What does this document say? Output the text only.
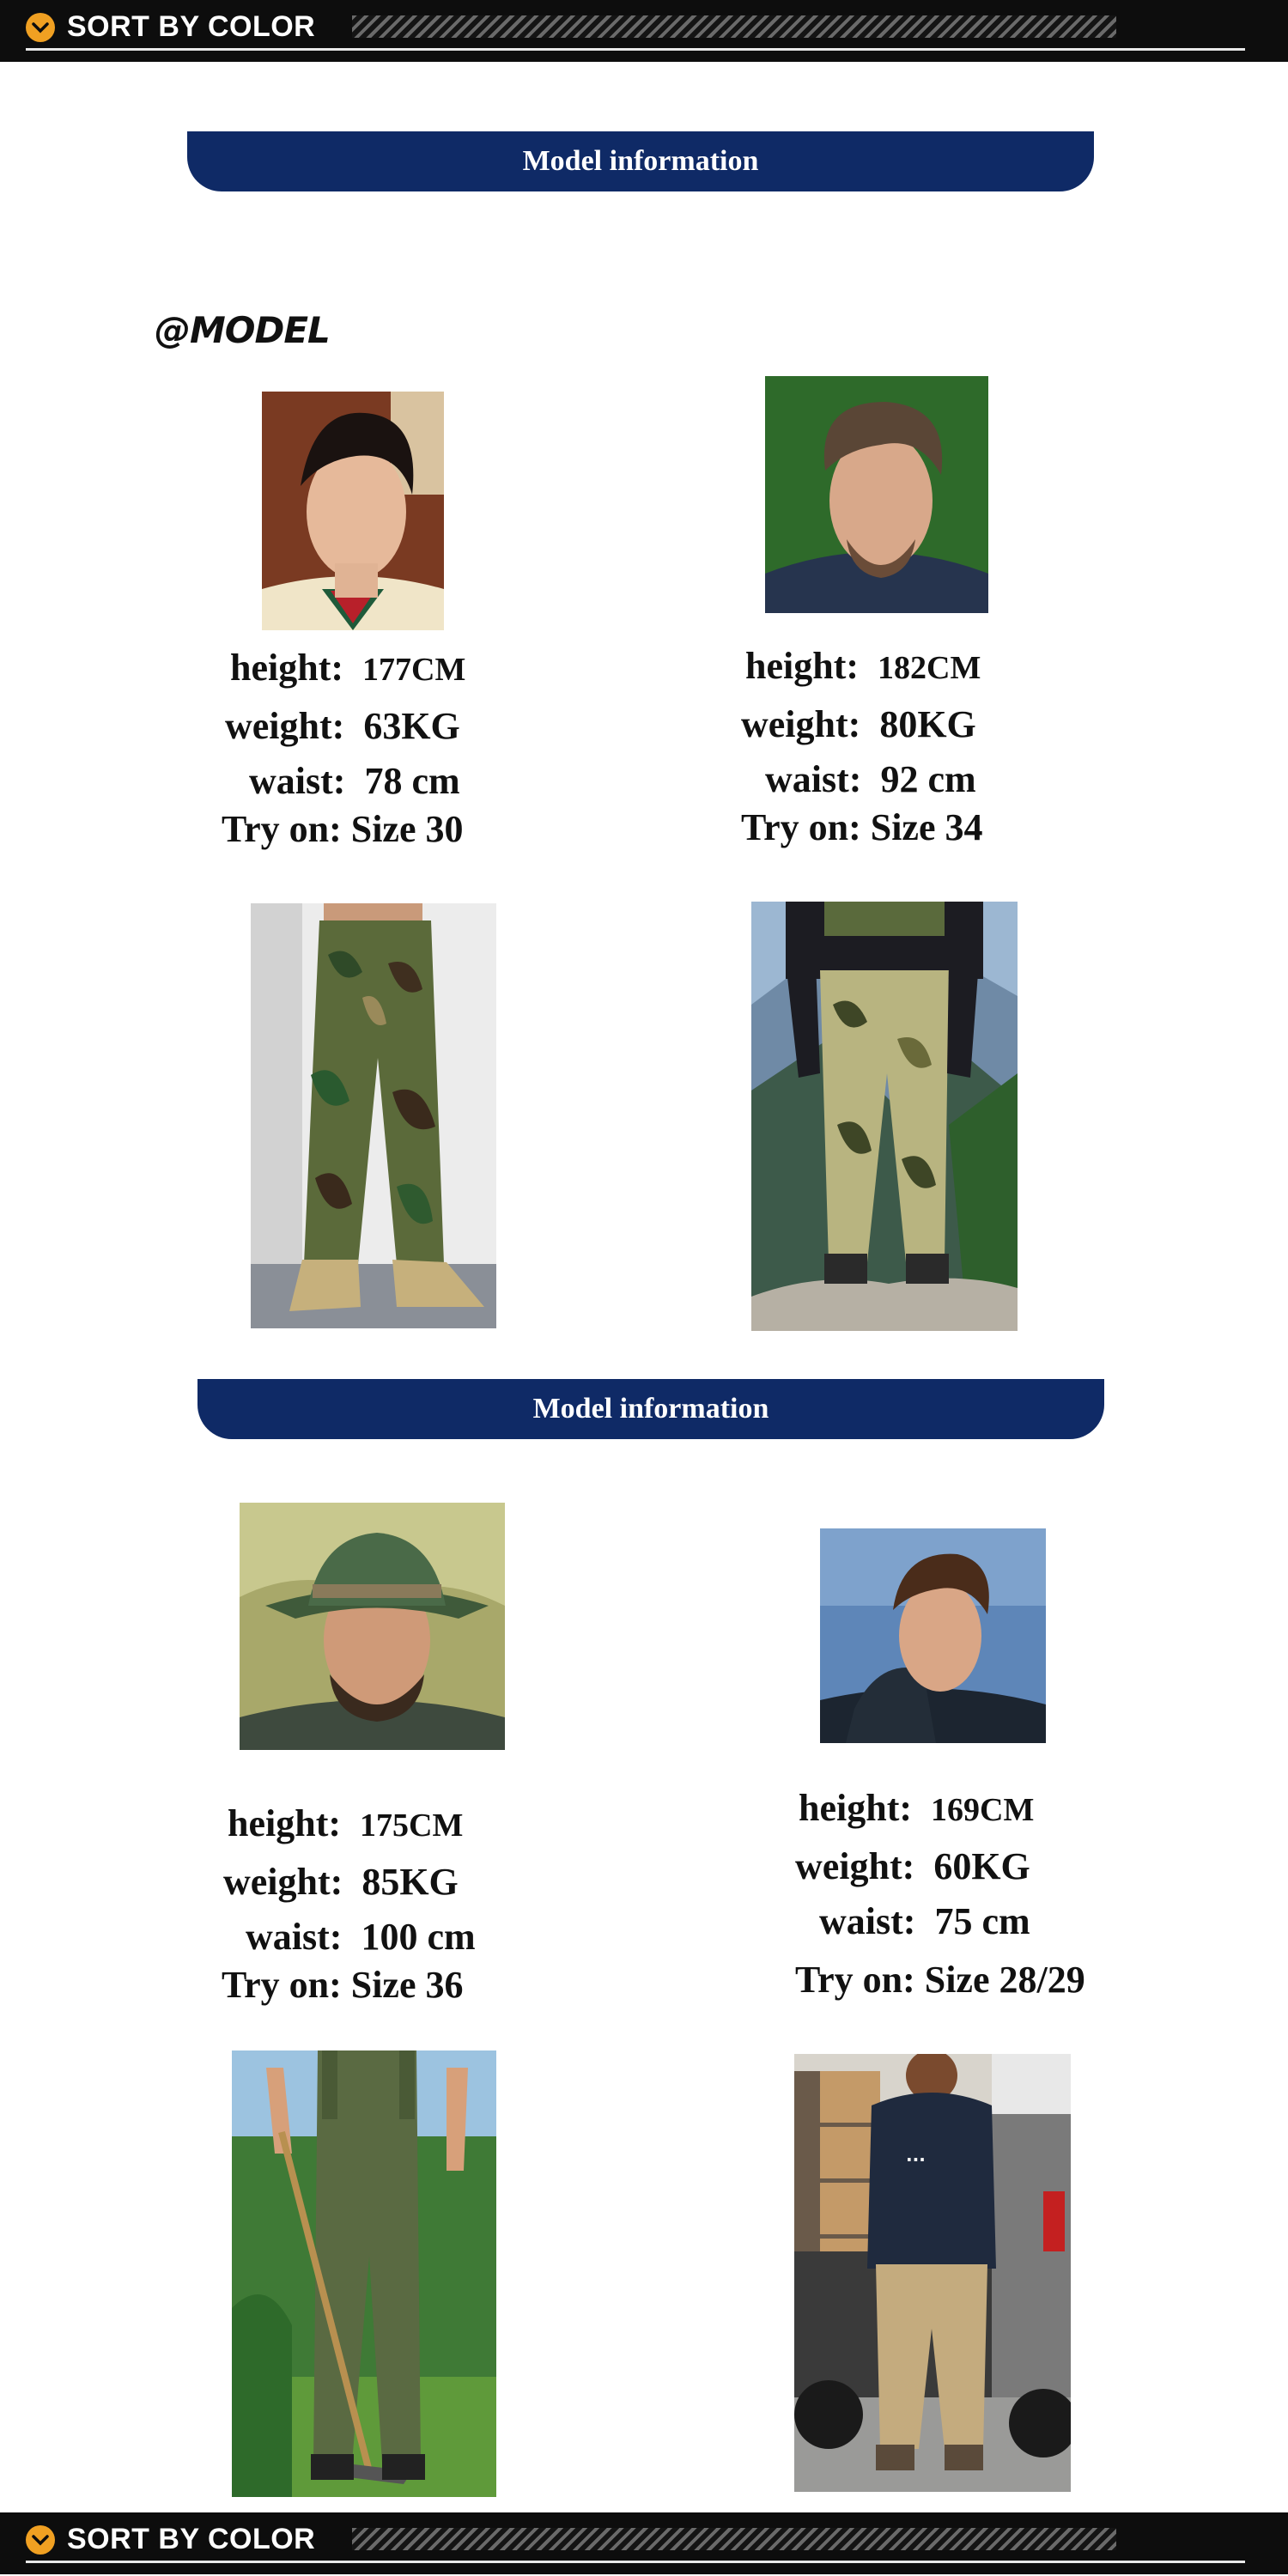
SORT BY COLOR
Model information
@MODEL
height: 177CM
weight: 63KG
waist: 78 cm
Try on: Size 30
height: 182CM
weight: 80KG
waist: 92 cm
Try on: Size 34
Model information
height: 175CM
weight: 85KG
waist: 100 cm
Try on: Size 36
height: 169CM
weight: 60KG
waist: 75 cm
Try on: Size 28/29
···
SORT BY COLOR
